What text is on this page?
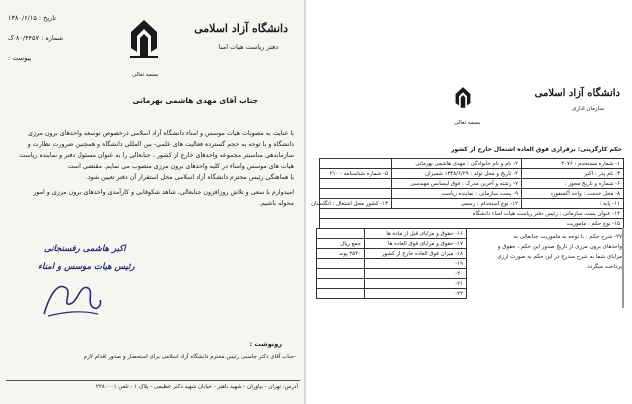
تاریخ : ۱۳۸۰/۶/۱۵
شماره : ۸۰/۴۴۵۷ ک
پیوست :
دانشگاه آزاد اسلامی
دفتر ریاست هیات امنا
بسمه تعالی
جناب آقای مهدی هاشمی بهرمانی
با عنایت به مصوبات هیات موسس و امناء دانشگاه آزاد اسلامی درخصوص توسعه واحدهای برون مرزی
دانشگاه و با توجه به حجم گسترده فعالیت های علمی- بین المللی دانشگاه و همچنین ضرورت نظارت و
سازماندهی مناسبتر مجموعه واحدهای خارج از کشور ، جنابعالی را به عنوان مسئول دفتر و نماینده ریاست
هیات های موسس وامناء در کلیه واحدهای برون مرزی منصوب می نمایم. مقتضی است
با هماهنگی رئیس محترم دانشگاه آزاد اسلامی محل استقرار آن دفتر تعیین شود.
امیدوارم با سعی و تلاش روزافزون جنابعالی، شاهد شکوفایی و کارآمدی واحدهای برون مرزی و امور
محوله باشیم.
اکبر هاشمی رفسنجانی
رئیس هیات موسس و امناء
رونوشت :
-جناب آقای دکتر جاسبی رئیس محترم دانشگاه آزاد اسلامی برای استحضار و صدور اقدام لازم
آدرس: تهران - نیاوران - شهید باهنر - خیابان شهید دکتر عظیمی - پلاک ۱ - تلفن ۲۲۸۰۰۰۱
دانشگاه آزاد اسلامی
سازمان اداری
بسمه تعالی
حکم کارگزینی: برقراری فوق العاده اشتغال خارج از کشور
۱- شماره مستخدم : ۲۰۷۶	۲- نام و نام خانوادگی : مهدی هاشمی بهرمانی	
۳- نام پدر : اکبر	۴- تاریخ و محل تولد : ۱۳۴۸/۶/۲۹ شمیران	۵- شماره شناسنامه : ۲۱۰
۶- شماره و تاریخ مجوز :	۷- رشته و آخرین مدرک : فوق لیسانس مهندسی	
۸- محل خدمت : واحد آکسفورد	۹- پست سازمانی : نماینده ریاست	
۱۱- پایه :	۱۲- نوع استخدام : رسمی	۱۳- کشور محل اشتغال : انگلستان
۱۴- عنوان پست سازمانی : رئیس دفتر ریاست هیات امناء دانشگاه		
۱۵- نوع حکم : ماموریت		
۱۶- حقوق و مزایای قبل از ماده ها	
۱۷- حقوق و مزایای فوق العاده ها	جمع ریال
۱۸- میزان فوق العاده خارج از کشور	۲۵۲۰ پوند
۱۹-	
۲۰-	
۲۱-	
۲۲-	
۲۷- شرح حکم : با توجه به ماموریت جنابعالی به
واحدهای برون مرزی از تاریخ صدور این حکم ، حقوق و
مزایای شما به شرح مندرج در این حکم به صورت ارزی
پرداخت میگردد.
